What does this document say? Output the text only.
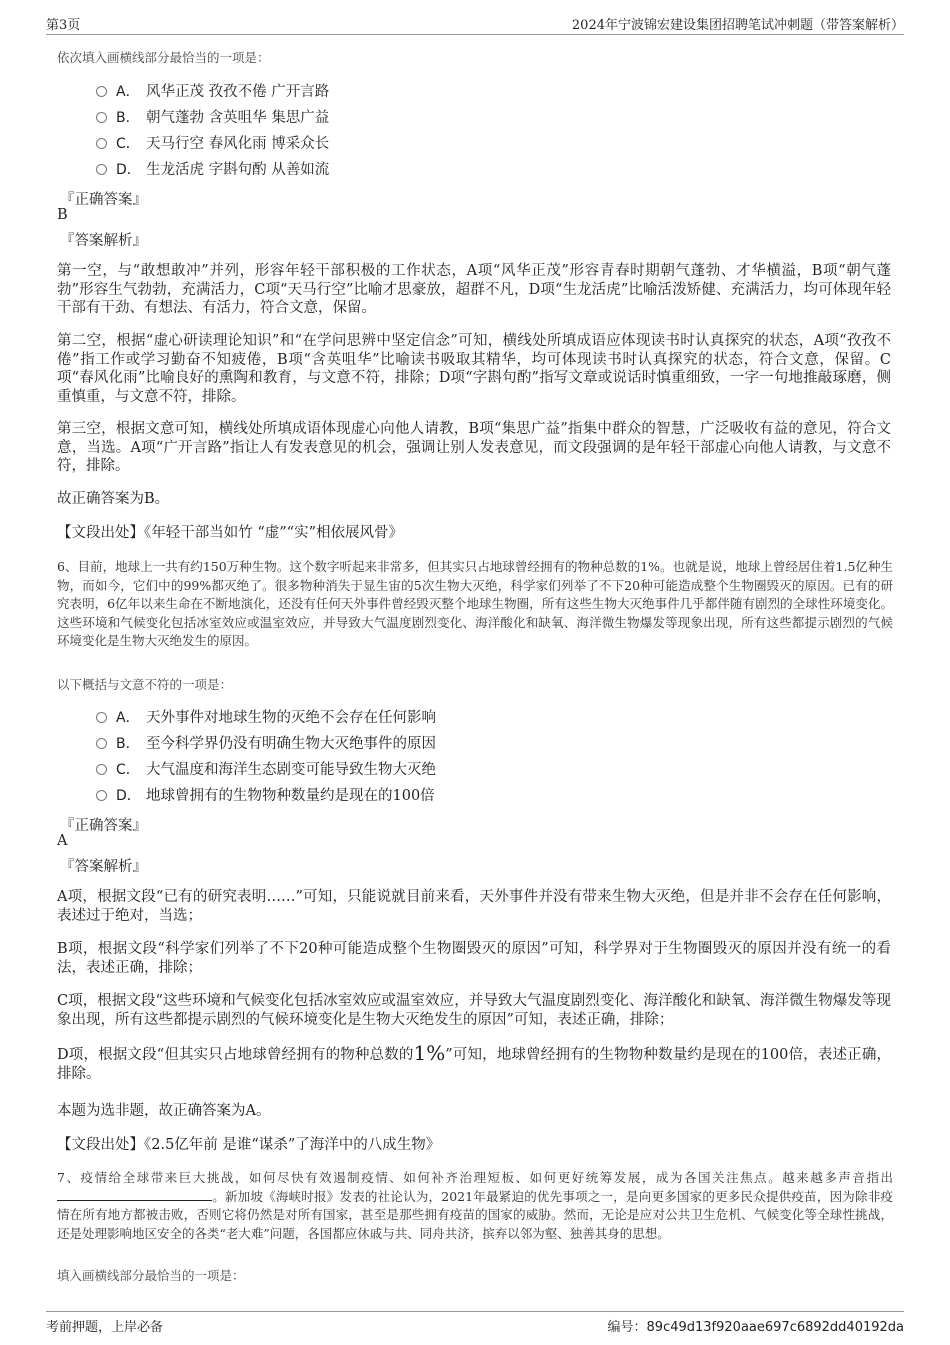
第3页	2024年宁波锦宏建设集团招聘笔试冲刺题（带答案解析）
依次填入画横线部分最恰当的一项是：
A． 风华正茂 孜孜不倦 广开言路
B． 朝气蓬勃 含英咀华 集思广益
C． 天马行空 春风化雨 博采众长
D． 生龙活虎 字斟句酌 从善如流
『正确答案』
B
『答案解析』
第一空，与“敢想敢冲”并列，形容年轻干部积极的工作状态，A项“风华正茂”形容青春时期朝气蓬勃、才华横溢，B项“朝气蓬勃”形容生气勃勃，充满活力，C项“天马行空”比喻才思豪放，超群不凡，D项“生龙活虎”比喻活泼矫健、充满活力，均可体现年轻干部有干劲、有想法、有活力，符合文意，保留。
第二空，根据“虚心研读理论知识”和“在学问思辨中坚定信念”可知，横线处所填成语应体现读书时认真探究的状态，A项“孜孜不倦”指工作或学习勤奋不知疲倦，B项“含英咀华”比喻读书吸取其精华，均可体现读书时认真探究的状态，符合文意，保留。C项“春风化雨”比喻良好的熏陶和教育，与文意不符，排除；D项“字斟句酌”指写文章或说话时慎重细致，一字一句地推敲琢磨，侧重慎重，与文意不符，排除。
第三空，根据文意可知，横线处所填成语体现虚心向他人请教，B项“集思广益”指集中群众的智慧，广泛吸收有益的意见，符合文意，当选。A项“广开言路”指让人有发表意见的机会，强调让别人发表意见，而文段强调的是年轻干部虚心向他人请教，与文意不符，排除。
故正确答案为B。
【文段出处】《年轻干部当如竹 “虚”“实”相依展风骨》
6、目前，地球上一共有约150万种生物。这个数字听起来非常多，但其实只占地球曾经拥有的物种总数的1%。也就是说，地球上曾经居住着1.5亿种生物，而如今，它们中的99%都灭绝了。很多物种消失于显生宙的5次生物大灭绝，科学家们列举了不下20种可能造成整个生物圈毁灭的原因。已有的研究表明，6亿年以来生命在不断地演化，还没有任何天外事件曾经毁灭整个地球生物圈，所有这些生物大灭绝事件几乎都伴随有剧烈的全球性环境变化。这些环境和气候变化包括冰室效应或温室效应，并导致大气温度剧烈变化、海洋酸化和缺氧、海洋微生物爆发等现象出现，所有这些都提示剧烈的气候环境变化是生物大灭绝发生的原因。
以下概括与文意不符的一项是：
A． 天外事件对地球生物的灭绝不会存在任何影响
B． 至今科学界仍没有明确生物大灭绝事件的原因
C． 大气温度和海洋生态剧变可能导致生物大灭绝
D． 地球曾拥有的生物物种数量约是现在的100倍
『正确答案』
A
『答案解析』
A项，根据文段“已有的研究表明……”可知，只能说就目前来看，天外事件并没有带来生物大灭绝，但是并非不会存在任何影响，表述过于绝对，当选；
B项，根据文段“科学家们列举了不下20种可能造成整个生物圈毁灭的原因”可知，科学界对于生物圈毁灭的原因并没有统一的看法，表述正确，排除；
C项，根据文段“这些环境和气候变化包括冰室效应或温室效应，并导致大气温度剧烈变化、海洋酸化和缺氧、海洋微生物爆发等现象出现，所有这些都提示剧烈的气候环境变化是生物大灭绝发生的原因”可知，表述正确，排除；
D项，根据文段“但其实只占地球曾经拥有的物种总数的1%”可知，地球曾经拥有的生物物种数量约是现在的100倍，表述正确，排除。
本题为选非题，故正确答案为A。
【文段出处】《2.5亿年前 是谁“谋杀”了海洋中的八成生物》
7、疫情给全球带来巨大挑战，如何尽快有效遏制疫情、如何补齐治理短板、如何更好统筹发展，成为各国关注焦点。越来越多声音指出。新加坡《海峡时报》发表的社论认为，2021年最紧迫的优先事项之一，是向更多国家的更多民众提供疫苗，因为除非疫情在所有地方都被击败，否则它将仍然是对所有国家，甚至是那些拥有疫苗的国家的威胁。然而，无论是应对公共卫生危机、气候变化等全球性挑战，还是处理影响地区安全的各类“老大难”问题，各国都应休戚与共、同舟共济，摈弃以邻为壑、独善其身的思想。
填入画横线部分最恰当的一项是：
考前押题，上岸必备	编号：89c49d13f920aae697c6892dd40192da
